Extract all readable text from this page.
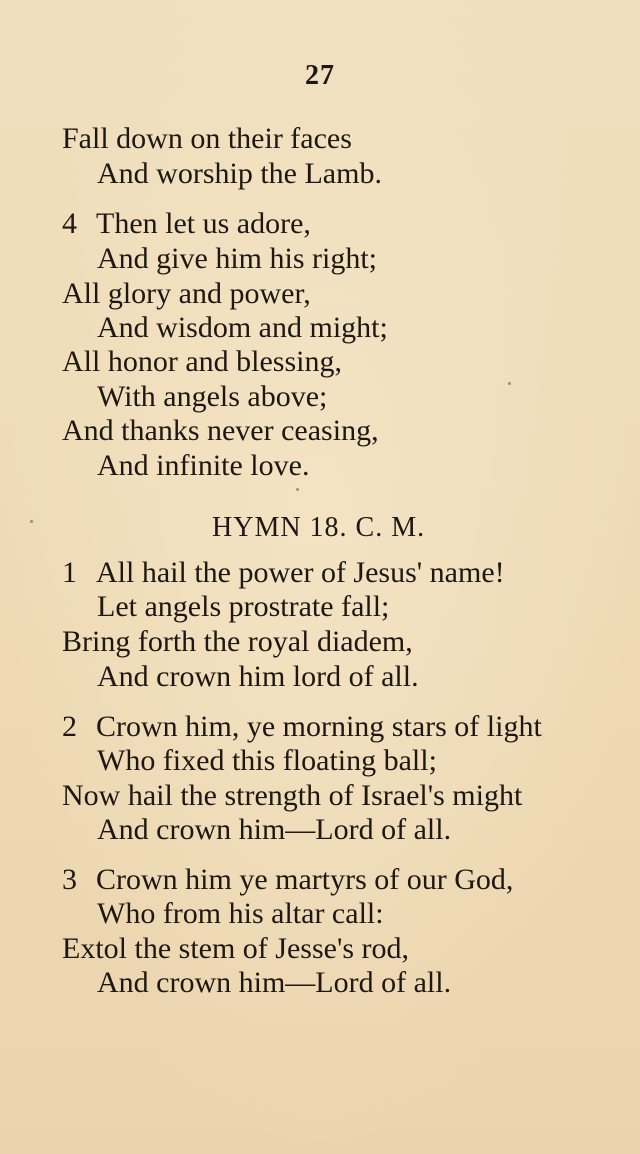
27
Fall down on their faces
And worship the Lamb.
4 Then let us adore,
And give him his right;
All glory and power,
And wisdom and might;
All honor and blessing,
With angels above;
And thanks never ceasing,
And infinite love.
HYMN 18. C. M.
1 All hail the power of Jesus' name!
Let angels prostrate fall;
Bring forth the royal diadem,
And crown him lord of all.
2 Crown him, ye morning stars of light
Who fixed this floating ball;
Now hail the strength of Israel's might
And crown him—Lord of all.
3 Crown him ye martyrs of our God,
Who from his altar call:
Extol the stem of Jesse's rod,
And crown him—Lord of all.
